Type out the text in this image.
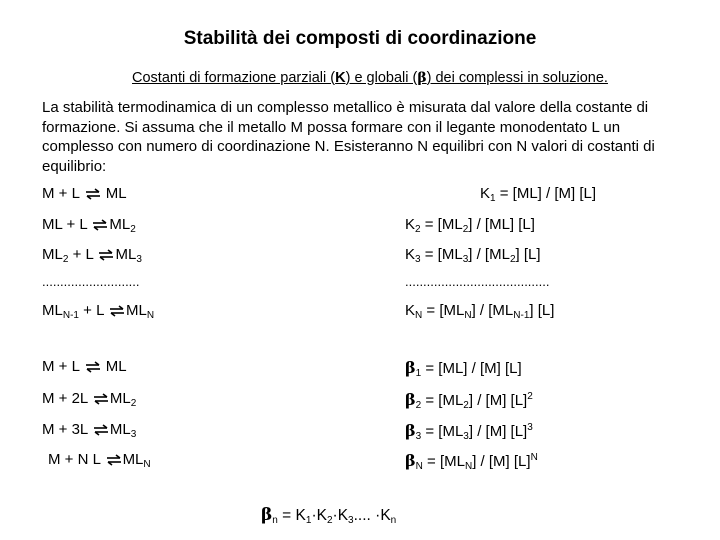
Stabilità dei composti di coordinazione
Costanti di formazione parziali (K) e globali (β) dei complessi in soluzione.
La stabilità termodinamica di un complesso metallico è misurata dal valore della costante di formazione. Si assuma che il metallo M possa formare con il legante monodentato L un complesso con numero di coordinazione N. Esisteranno N equilibri con N valori di costanti di equilibrio:
M + L ⇌ ML	$K_1 = [ML] / [M]$ [L]
ML + L $\rightleftharpoons ML_2$	$K_2 = [ML_2] / [ML]$ [L]
$ML_2 + L$ $\rightleftharpoons ML_3$	$K_3 = [ML_3] / [ML_2]$ [L]
...........................	........................................
$ML_{N-1} + L$ $\rightleftharpoons ML_N$	$K_N = [ML_N] / [ML_{N-1}]$ [L]
M + L ⇌ ML	$\beta_1 = [ML] / [M]$ [L]
M + 2L $\rightleftharpoons ML_2$	$\beta_2 = [ML_2] / [M]$ $[L]^2$
M + 3L $\rightleftharpoons ML_3$	$\beta_3 = [ML_3] / [M]$ $[L]^3$
M + N L $\rightleftharpoons ML_N$	$\beta_N = [ML_N] / [M]$ $[L]^N$
$\beta_n = K_1\cdot K_2\cdot K_3$.... $\cdot K_n$
